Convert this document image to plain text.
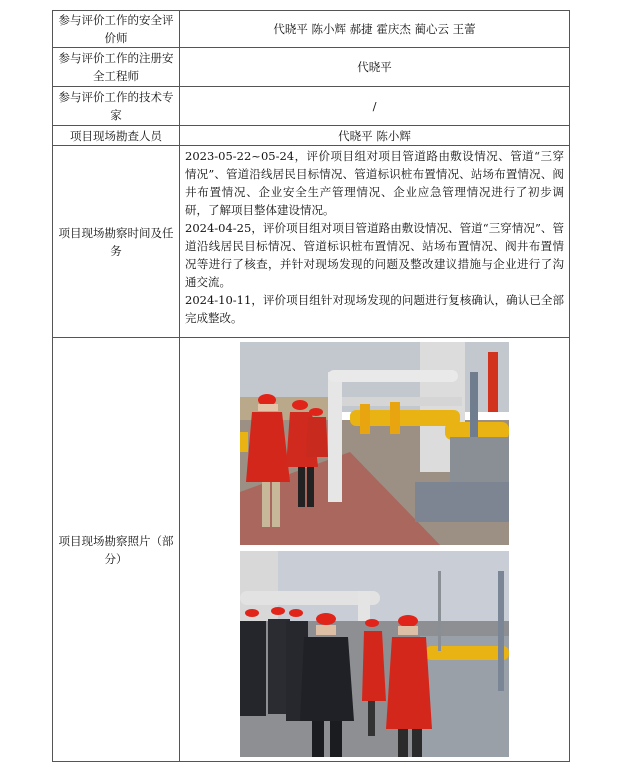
参与评价工作的安全评价师	代晓平 陈小辉 郝捷 霍庆杰 蔺心云 王蕾
参与评价工作的注册安全工程师	代晓平
参与评价工作的技术专家	/
项目现场勘查人员	代晓平 陈小辉
项目现场勘察时间及任务	2023-05-22~05-24，评价项目组对项目管道路由敷设情况、管道“三穿情况”、管道沿线居民目标情况、管道标识桩布置情况、站场布置情况、阀井布置情况、企业安全生产管理情况、企业应急管理情况进行了初步调研，了解项目整体建设情况。

2024-04-25，评价项目组对项目管道路由敷设情况、管道“三穿情况”、管道沿线居民目标情况、管道标识桩布置情况、站场布置情况、阀井布置情况等进行了核查，并针对现场发现的问题及整改建议措施与企业进行了沟通交流。

2024-10-11，评价项目组针对现场发现的问题进行复核确认，确认已全部完成整改。

项目现场勘察照片（部分）	
